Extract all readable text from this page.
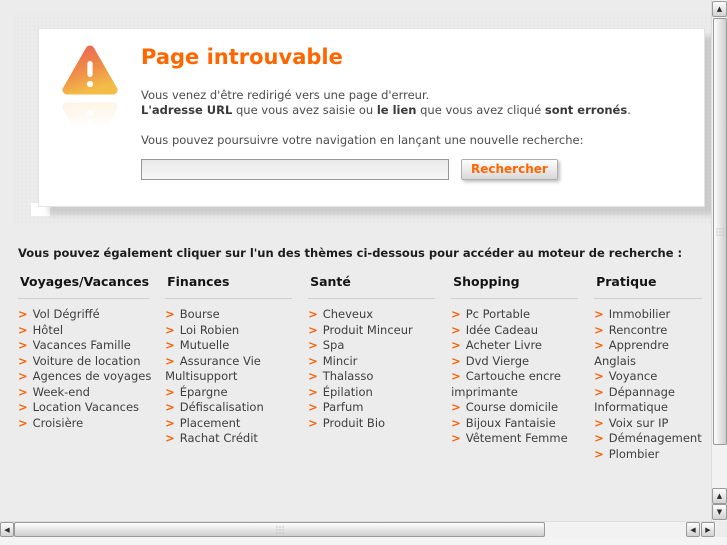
Page introuvable
Vous venez d'être redirigé vers une page d'erreur.
L'adresse URL que vous avez saisie ou le lien que vous avez cliqué sont erronés.
Vous pouvez poursuivre votre navigation en lançant une nouvelle recherche:
Rechercher
Vous pouvez également cliquer sur l'un des thèmes ci-dessous pour accéder au moteur de recherche :
Voyages/Vacances
> Vol Dégriffé
> Hôtel
> Vacances Famille
> Voiture de location
> Agences de voyages
> Week-end
> Location Vacances
> Croisière
Finances
> Bourse
> Loi Robien
> Mutuelle
> Assurance Vie Multisupport
> Épargne
> Défiscalisation
> Placement
> Rachat Crédit
Santé
> Cheveux
> Produit Minceur
> Spa
> Mincir
> Thalasso
> Épilation
> Parfum
> Produit Bio
Shopping
> Pc Portable
> Idée Cadeau
> Acheter Livre
> Dvd Vierge
> Cartouche encre imprimante
> Course domicile
> Bijoux Fantaisie
> Vêtement Femme
Pratique
> Immobilier
> Rencontre
> Apprendre Anglais
> Voyance
> Dépannage Informatique
> Voix sur IP
> Déménagement
> Plombier
▲
▲
▼
◀	◀ ▶
